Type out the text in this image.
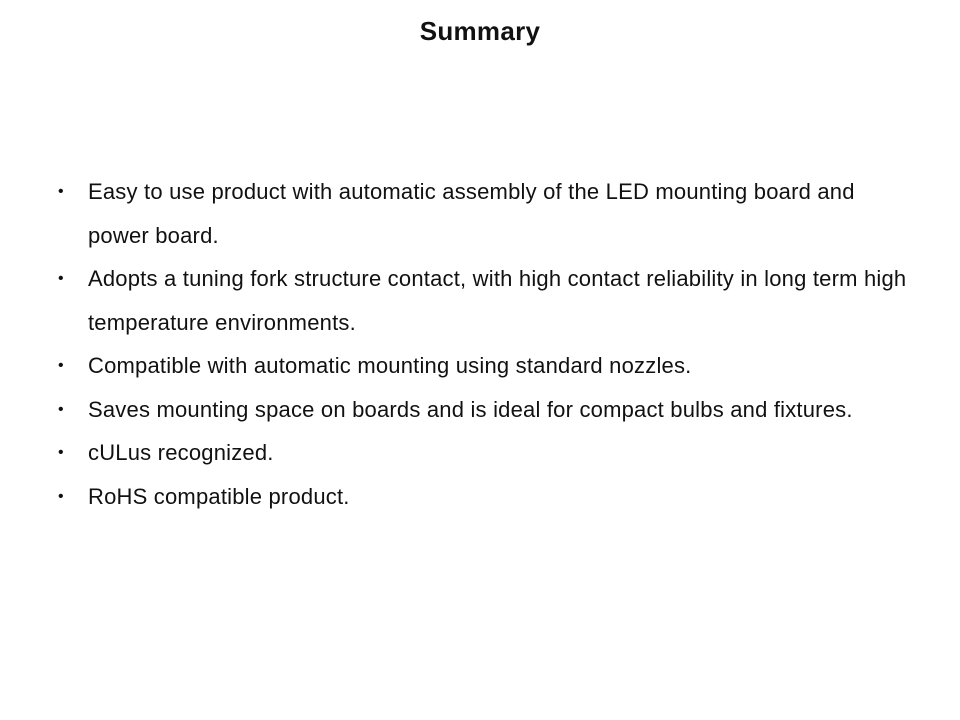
Summary
• Easy to use product with automatic assembly of the LED mounting board and power board.
• Adopts a tuning fork structure contact, with high contact reliability in long term high temperature environments.
• Compatible with automatic mounting using standard nozzles.
• Saves mounting space on boards and is ideal for compact bulbs and fixtures.
• cULus recognized.
• RoHS compatible product.
